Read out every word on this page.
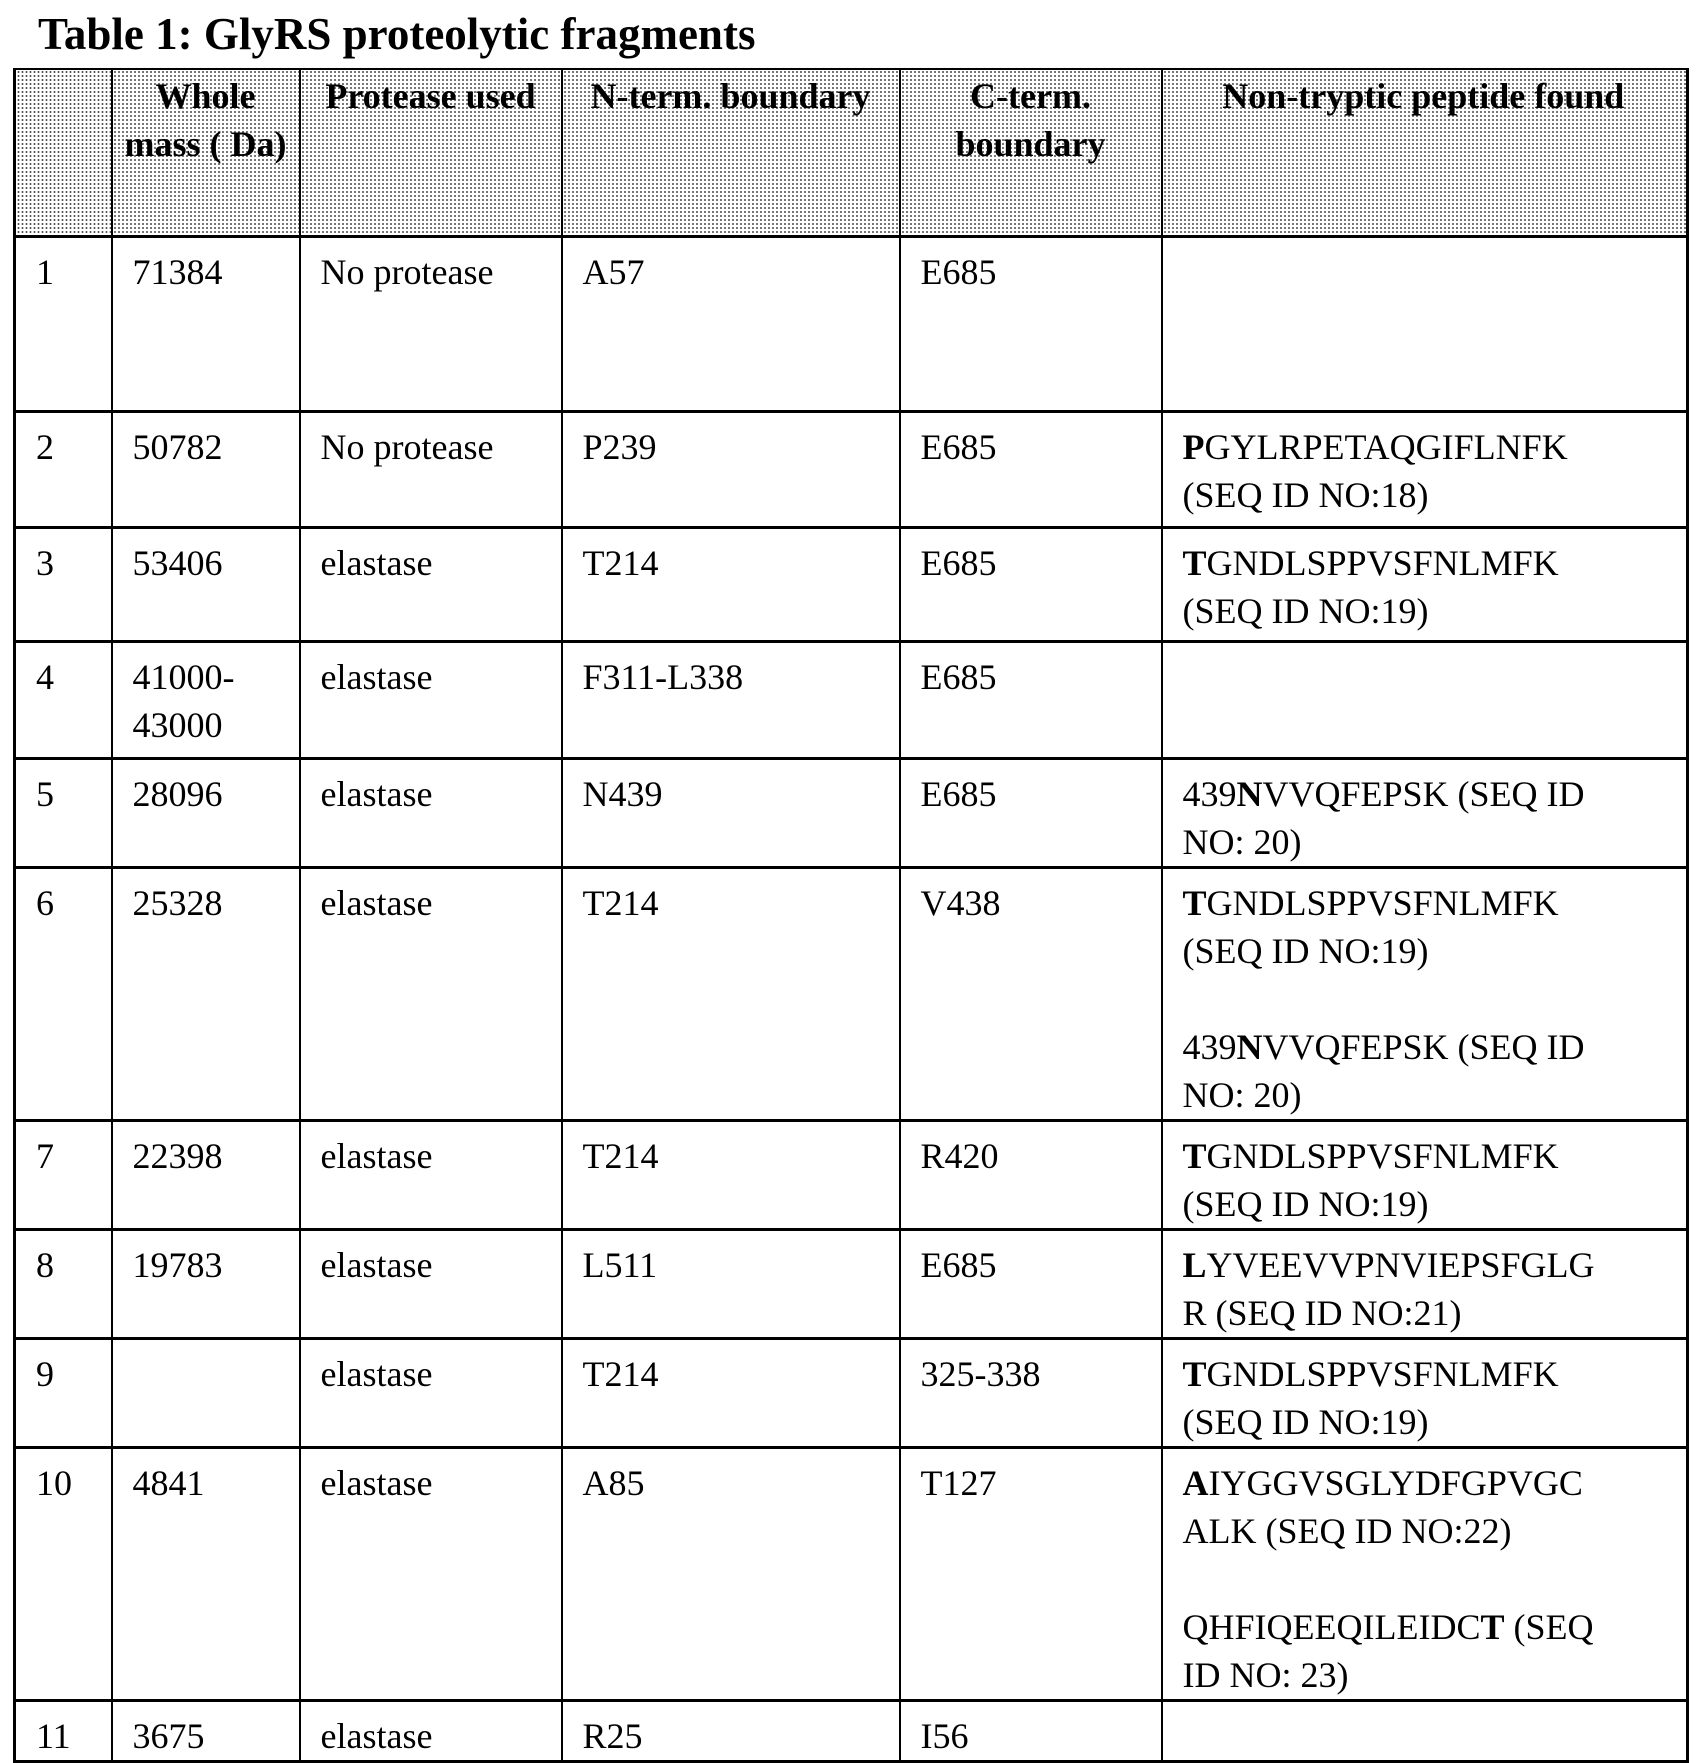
Table 1: GlyRS proteolytic fragments
	Whole mass ( Da)	Protease used	N-term. boundary	C-term. boundary	Non-tryptic peptide found
1	71384	No protease	A57	E685	
2	50782	No protease	P239	E685	PGYLRPETAQGIFLNFK
(SEQ ID NO:18)

3	53406	elastase	T214	E685	TGNDLSPPVSFNLMFK
(SEQ ID NO:19)

4	41000-
43000
	elastase	F311-L338	E685	
5	28096	elastase	N439	E685	439NVVQFEPSK (SEQ ID
NO: 20)

6	25328	elastase	T214	V438	TGNDLSPPVSFNLMFK
(SEQ ID NO:19)
439NVVQFEPSK (SEQ ID
NO: 20)

7	22398	elastase	T214	R420	TGNDLSPPVSFNLMFK
(SEQ ID NO:19)

8	19783	elastase	L511	E685	LYVEEVVPNVIEPSFGLG
R (SEQ ID NO:21)

9		elastase	T214	325-338	TGNDLSPPVSFNLMFK
(SEQ ID NO:19)

10	4841	elastase	A85	T127	AIYGGVSGLYDFGPVGC
ALK (SEQ ID NO:22)
QHFIQEEQILEIDCT (SEQ
ID NO: 23)

11	3675	elastase	R25	I56	
